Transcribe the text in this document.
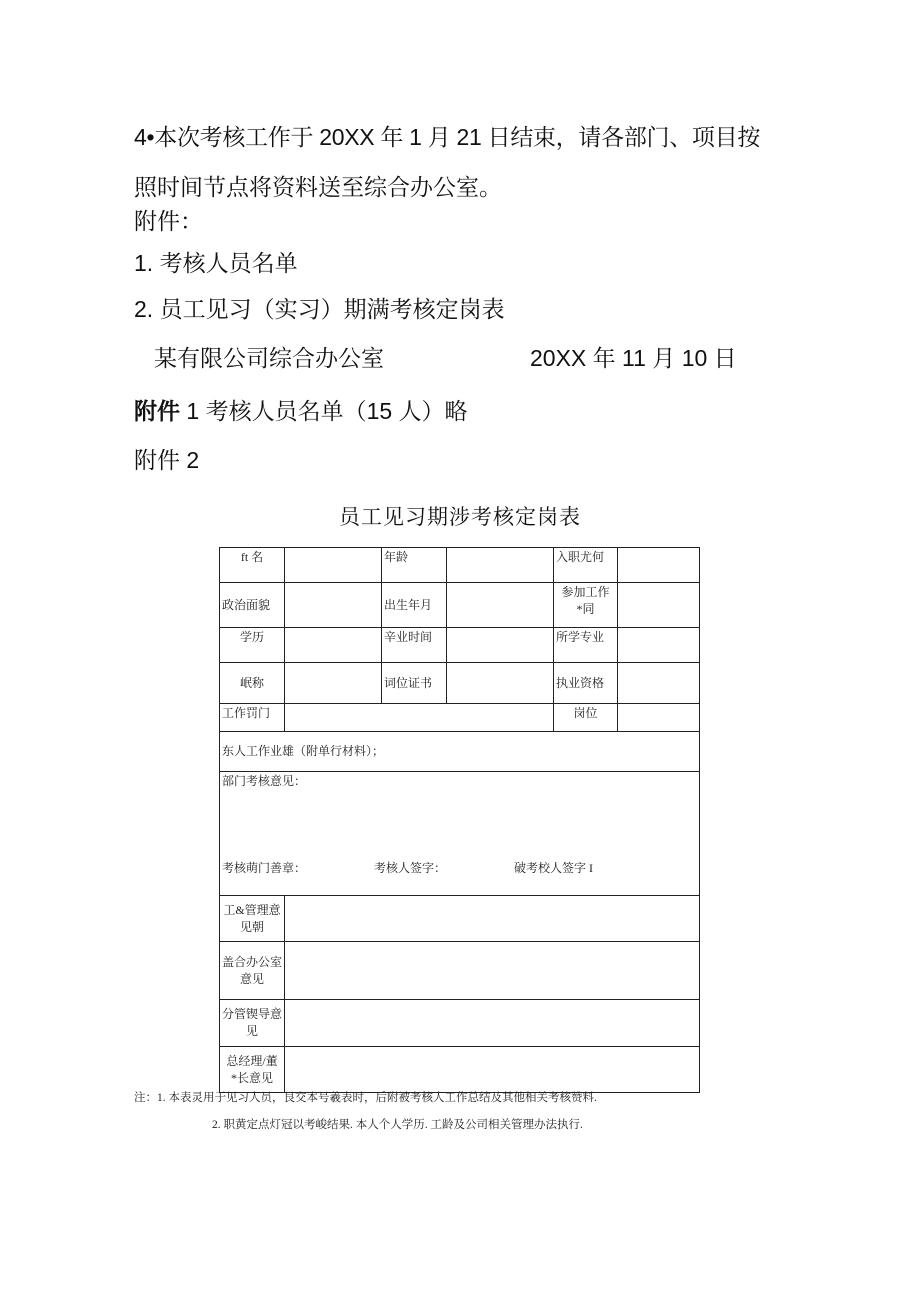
4•本次考核工作于 20XX 年 1 月 21 日结束，请各部门、项目按
照时间节点将资料送至综合办公室。
附件：
1. 考核人员名单
2. 员工见习（实习）期满考核定岗表
某有限公司综合办公室	20XX 年 11 月 10 日
附件 1 考核人员名单（15 人）略
附件 2
员工见习期涉考核定岗表
ft 名		年龄		入职尤何	
政治面貌		出生年月		参加工作
*同	
学历		辛业时间		所学专业	
岷称		词位证书		执业资格	
工作罚门				岗位	
东人工作业雄（附单行材料）；					

部门考核意见：
考核萌门善章： 考核人签字： 破考校人签字 I					

工&管理意
见朝					
盖合办公室
意见					
分管锲导意
见					
总经理/董
*长意见					
注：1. 本表灵用于见习人员，艮交本号羲表时，后附被考核人工作总结及其他相关考核赞料.
2. 职黄定点灯冠以考峻结果. 本人个人学历. 工龄及公司相关管理办法执行.
